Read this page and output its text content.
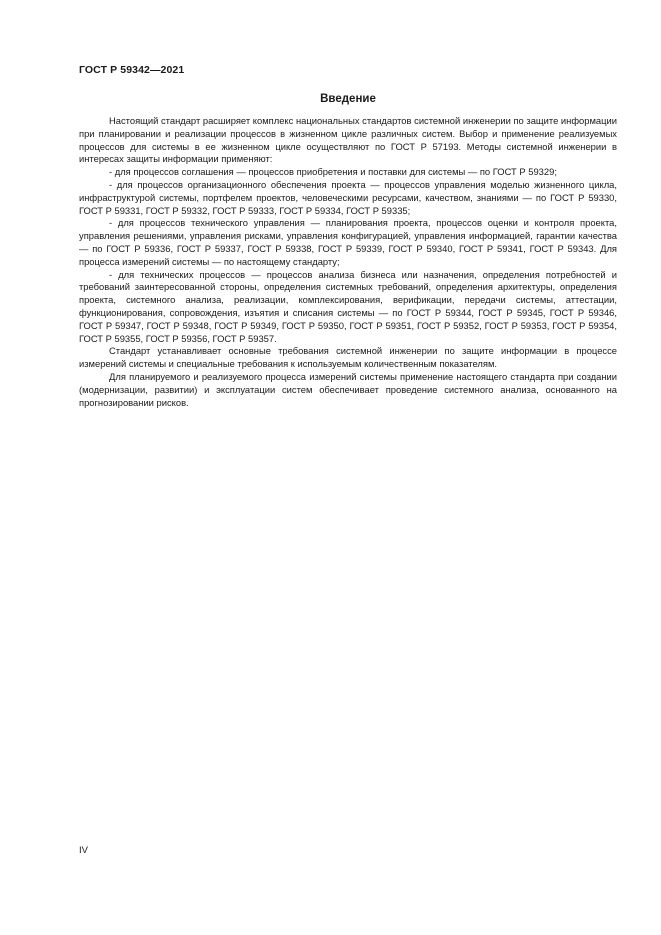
ГОСТ Р 59342—2021
Введение

Настоящий стандарт расширяет комплекс национальных стандартов системной инженерии по защите информации при планировании и реализации процессов в жизненном цикле различных систем. Выбор и применение реализуемых процессов для системы в ее жизненном цикле осуществляют по ГОСТ Р 57193. Методы системной инженерии в интересах защиты информации применяют:

- для процессов соглашения — процессов приобретения и поставки для системы — по ГОСТ Р 59329;

- для процессов организационного обеспечения проекта — процессов управления моделью жизненного цикла, инфраструктурой системы, портфелем проектов, человеческими ресурсами, качеством, знаниями — по ГОСТ Р 59330, ГОСТ Р 59331, ГОСТ Р 59332, ГОСТ Р 59333, ГОСТ Р 59334, ГОСТ Р 59335;

- для процессов технического управления — планирования проекта, процессов оценки и контроля проекта, управления решениями, управления рисками, управления конфигурацией, управления информацией, гарантии качества — по ГОСТ Р 59336, ГОСТ Р 59337, ГОСТ Р 59338, ГОСТ Р 59339, ГОСТ Р 59340, ГОСТ Р 59341, ГОСТ Р 59343. Для процесса измерений системы — по настоящему стандарту;

- для технических процессов — процессов анализа бизнеса или назначения, определения потребностей и требований заинтересованной стороны, определения системных требований, определения архитектуры, определения проекта, системного анализа, реализации, комплексирования, верификации, передачи системы, аттестации, функционирования, сопровождения, изъятия и списания системы — по ГОСТ Р 59344, ГОСТ Р 59345, ГОСТ Р 59346, ГОСТ Р 59347, ГОСТ Р 59348, ГОСТ Р 59349, ГОСТ Р 59350, ГОСТ Р 59351, ГОСТ Р 59352, ГОСТ Р 59353, ГОСТ Р 59354, ГОСТ Р 59355, ГОСТ Р 59356, ГОСТ Р 59357.

Стандарт устанавливает основные требования системной инженерии по защите информации в процессе измерений системы и специальные требования к используемым количественным показателям.

Для планируемого и реализуемого процесса измерений системы применение настоящего стандарта при создании (модернизации, развитии) и эксплуатации систем обеспечивает проведение системного анализа, основанного на прогнозировании рисков.

IV
